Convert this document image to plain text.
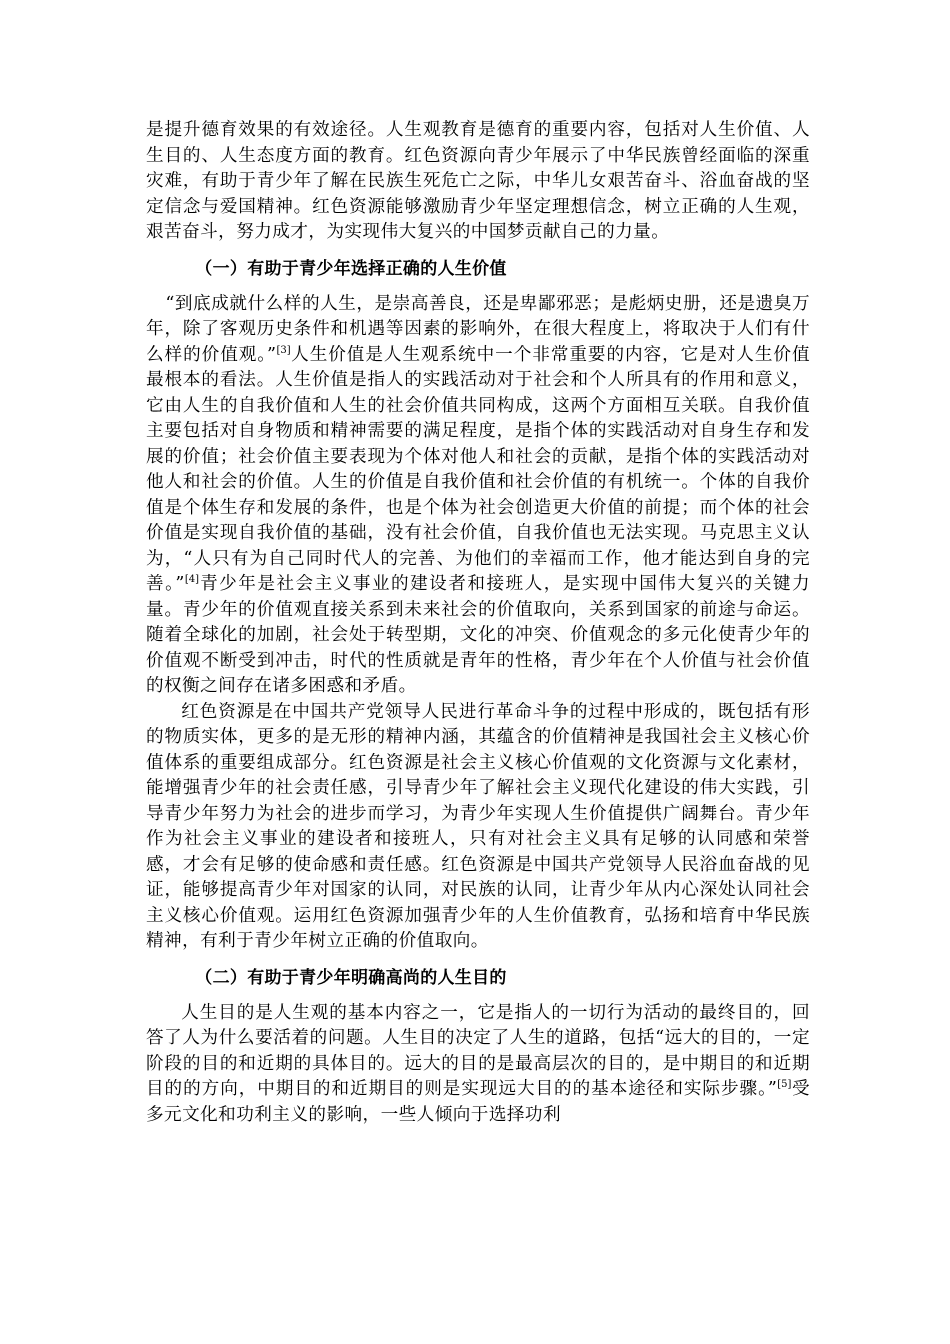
是提升德育效果的有效途径。人生观教育是德育的重要内容，包括对人生价值、人生目的、人生态度方面的教育。红色资源向青少年展示了中华民族曾经面临的深重灾难，有助于青少年了解在民族生死危亡之际，中华儿女艰苦奋斗、浴血奋战的坚定信念与爱国精神。红色资源能够激励青少年坚定理想信念，树立正确的人生观，艰苦奋斗，努力成才，为实现伟大复兴的中国梦贡献自己的力量。

（一）有助于青少年选择正确的人生价值

“到底成就什么样的人生，是崇高善良，还是卑鄙邪恶；是彪炳史册，还是遗臭万年，除了客观历史条件和机遇等因素的影响外，在很大程度上，将取决于人们有什么样的价值观。”[3]人生价值是人生观系统中一个非常重要的内容，它是对人生价值最根本的看法。人生价值是指人的实践活动对于社会和个人所具有的作用和意义，它由人生的自我价值和人生的社会价值共同构成，这两个方面相互关联。自我价值主要包括对自身物质和精神需要的满足程度，是指个体的实践活动对自身生存和发展的价值；社会价值主要表现为个体对他人和社会的贡献，是指个体的实践活动对他人和社会的价值。人生的价值是自我价值和社会价值的有机统一。个体的自我价值是个体生存和发展的条件，也是个体为社会创造更大价值的前提；而个体的社会价值是实现自我价值的基础，没有社会价值，自我价值也无法实现。马克思主义认为，“人只有为自己同时代人的完善、为他们的幸福而工作，他才能达到自身的完善。”[4]青少年是社会主义事业的建设者和接班人，是实现中国伟大复兴的关键力量。青少年的价值观直接关系到未来社会的价值取向，关系到国家的前途与命运。随着全球化的加剧，社会处于转型期，文化的冲突、价值观念的多元化使青少年的价值观不断受到冲击，时代的性质就是青年的性格，青少年在个人价值与社会价值的权衡之间存在诸多困惑和矛盾。

红色资源是在中国共产党领导人民进行革命斗争的过程中形成的，既包括有形的物质实体，更多的是无形的精神内涵，其蕴含的价值精神是我国社会主义核心价值体系的重要组成部分。红色资源是社会主义核心价值观的文化资源与文化素材，能增强青少年的社会责任感，引导青少年了解社会主义现代化建设的伟大实践，引导青少年努力为社会的进步而学习，为青少年实现人生价值提供广阔舞台。青少年作为社会主义事业的建设者和接班人，只有对社会主义具有足够的认同感和荣誉感，才会有足够的使命感和责任感。红色资源是中国共产党领导人民浴血奋战的见证，能够提高青少年对国家的认同，对民族的认同，让青少年从内心深处认同社会主义核心价值观。运用红色资源加强青少年的人生价值教育，弘扬和培育中华民族精神，有利于青少年树立正确的价值取向。

（二）有助于青少年明确高尚的人生目的

人生目的是人生观的基本内容之一，它是指人的一切行为活动的最终目的，回答了人为什么要活着的问题。人生目的决定了人生的道路，包括“远大的目的，一定阶段的目的和近期的具体目的。远大的目的是最高层次的目的，是中期目的和近期目的的方向，中期目的和近期目的则是实现远大目的的基本途径和实际步骤。”[5]受多元文化和功利主义的影响，一些人倾向于选择功利
